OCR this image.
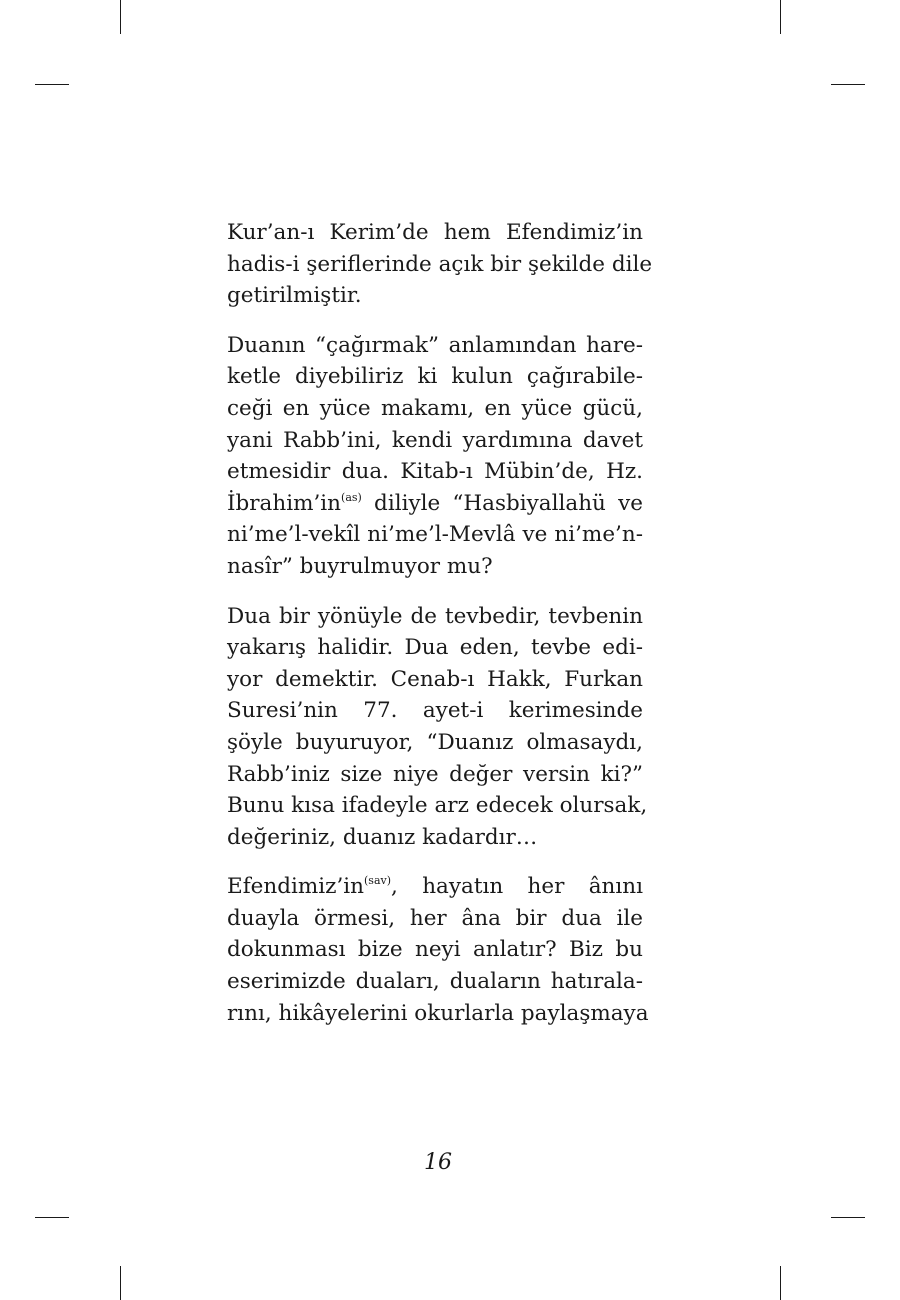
Kur’an-ı Kerim’de hem Efendimiz’in
hadis-i şeriflerinde açık bir şekilde dile
getirilmiştir.

Duanın “çağırmak” anlamından hare-
ketle diyebiliriz ki kulun çağırabile-
ceği en yüce makamı, en yüce gücü,
yani Rabb’ini, kendi yardımına davet
etmesidir dua. Kitab-ı Mübin’de, Hz.
$İbrahim’in^{(as)}$ diliyle “Hasbiyallahü ve
ni’me’l-vekîl ni’me’l-Mevlâ ve ni’me’n-
nasîr” buyrulmuyor mu?

Dua bir yönüyle de tevbedir, tevbenin
yakarış halidir. Dua eden, tevbe edi-
yor demektir. Cenab-ı Hakk, Furkan
Suresi’nin 77. ayet-i kerimesinde
şöyle buyuruyor, “Duanız olmasaydı,
Rabb’iniz size niye değer versin ki?”
Bunu kısa ifadeyle arz edecek olursak,
değeriniz, duanız kadardır…

$Efendimiz’in^{(sav)}$, hayatın her ânını
duayla örmesi, her âna bir dua ile
dokunması bize neyi anlatır? Biz bu
eserimizde duaları, duaların hatırala-
rını, hikâyelerini okurlarla paylaşmaya

16
